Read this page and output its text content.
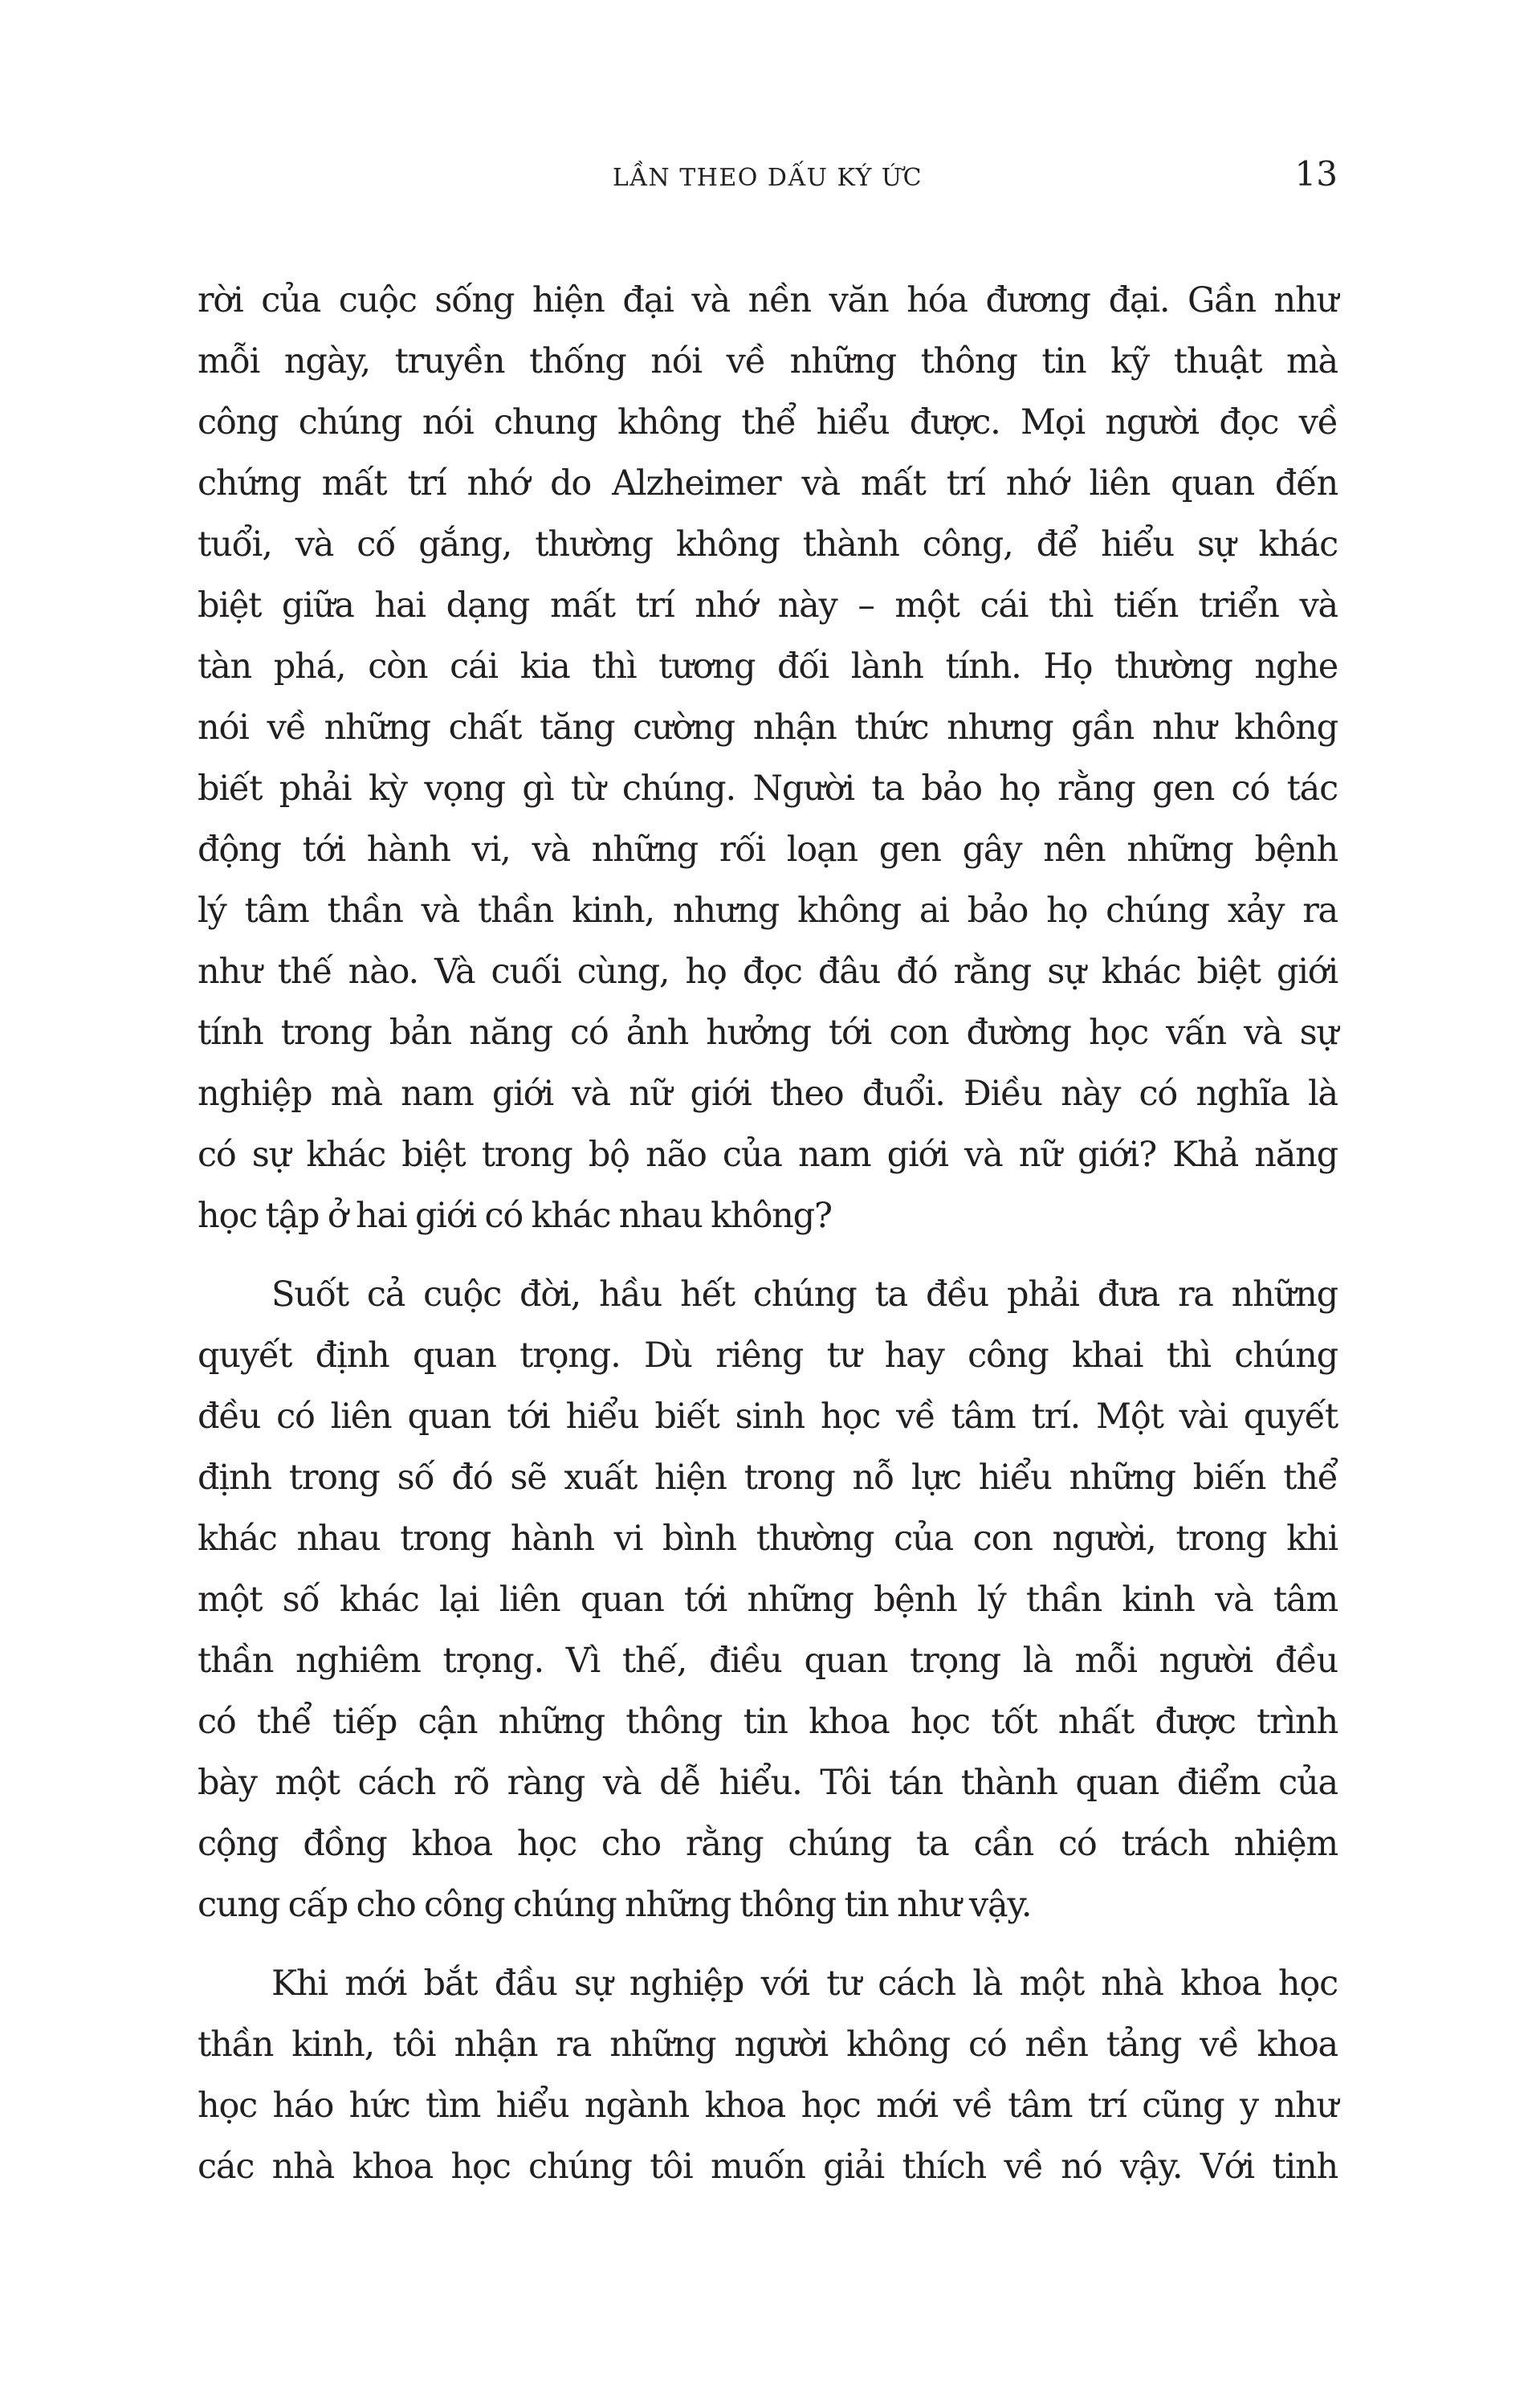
LẦN THEO DẤU KÝ ỨC	13
rời của cuộc sống hiện đại và nền văn hóa đương đại. Gần như
mỗi ngày, truyền thống nói về những thông tin kỹ thuật mà
công chúng nói chung không thể hiểu được. Mọi người đọc về
chứng mất trí nhớ do Alzheimer và mất trí nhớ liên quan đến
tuổi, và cố gắng, thường không thành công, để hiểu sự khác
biệt giữa hai dạng mất trí nhớ này – một cái thì tiến triển và
tàn phá, còn cái kia thì tương đối lành tính. Họ thường nghe
nói về những chất tăng cường nhận thức nhưng gần như không
biết phải kỳ vọng gì từ chúng. Người ta bảo họ rằng gen có tác
động tới hành vi, và những rối loạn gen gây nên những bệnh
lý tâm thần và thần kinh, nhưng không ai bảo họ chúng xảy ra
như thế nào. Và cuối cùng, họ đọc đâu đó rằng sự khác biệt giới
tính trong bản năng có ảnh hưởng tới con đường học vấn và sự
nghiệp mà nam giới và nữ giới theo đuổi. Điều này có nghĩa là
có sự khác biệt trong bộ não của nam giới và nữ giới? Khả năng
học tập ở hai giới có khác nhau không?
Suốt cả cuộc đời, hầu hết chúng ta đều phải đưa ra những
quyết định quan trọng. Dù riêng tư hay công khai thì chúng
đều có liên quan tới hiểu biết sinh học về tâm trí. Một vài quyết
định trong số đó sẽ xuất hiện trong nỗ lực hiểu những biến thể
khác nhau trong hành vi bình thường của con người, trong khi
một số khác lại liên quan tới những bệnh lý thần kinh và tâm
thần nghiêm trọng. Vì thế, điều quan trọng là mỗi người đều
có thể tiếp cận những thông tin khoa học tốt nhất được trình
bày một cách rõ ràng và dễ hiểu. Tôi tán thành quan điểm của
cộng đồng khoa học cho rằng chúng ta cần có trách nhiệm
cung cấp cho công chúng những thông tin như vậy.
Khi mới bắt đầu sự nghiệp với tư cách là một nhà khoa học
thần kinh, tôi nhận ra những người không có nền tảng về khoa
học háo hức tìm hiểu ngành khoa học mới về tâm trí cũng y như
các nhà khoa học chúng tôi muốn giải thích về nó vậy. Với tinh
